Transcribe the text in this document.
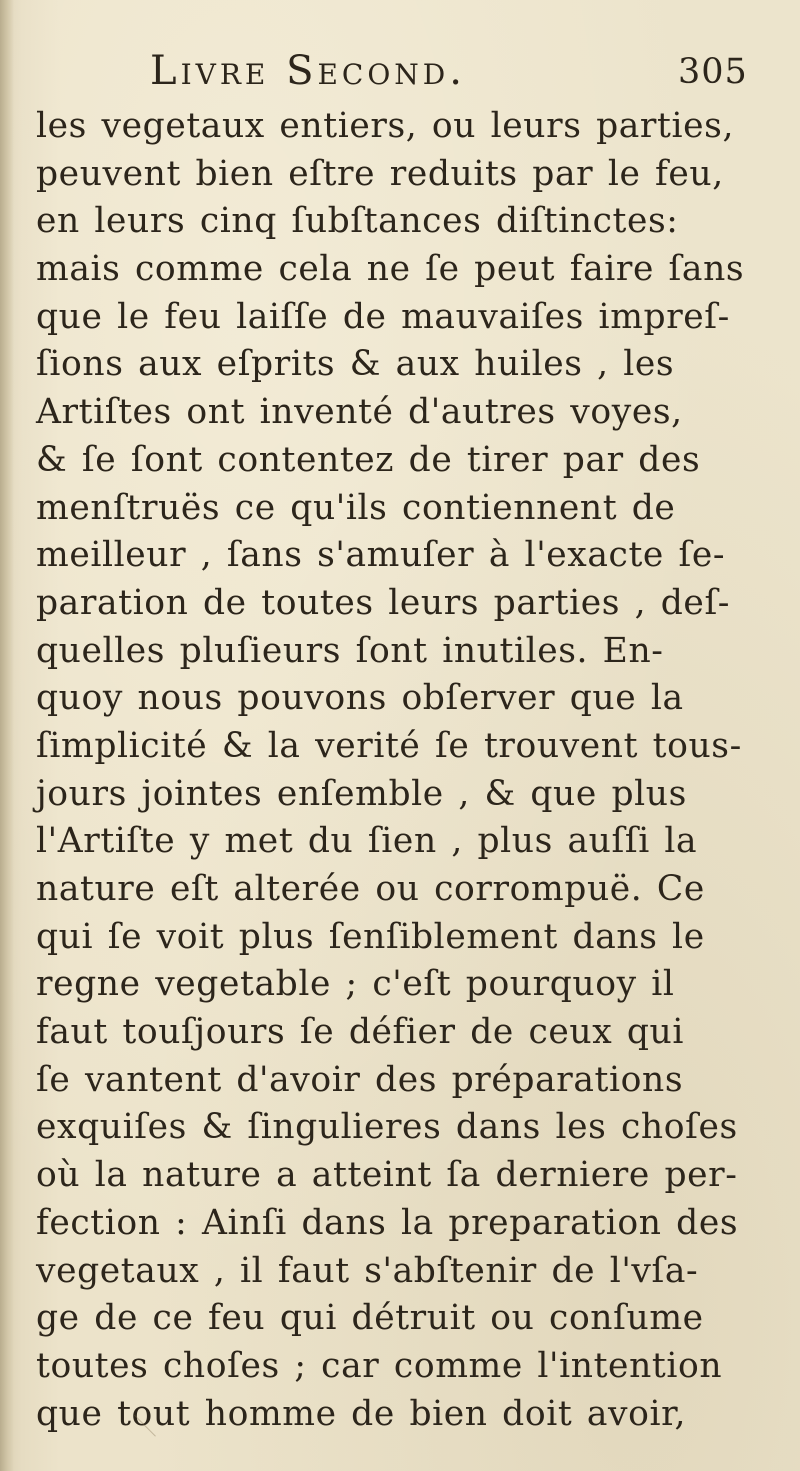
Livre Second.	305
les vegetaux entiers, ou leurs parties,
peuvent bien eſtre reduits par le feu,
en leurs cinq ſubſtances diſtinctes:
mais comme cela ne ſe peut faire ſans
que le feu laiſſe de mauvaiſes impreſ-
ſions aux eſprits & aux huiles , les
Artiſtes ont inventé d'autres voyes,
& ſe ſont contentez de tirer par des
menſtruës ce qu'ils contiennent de
meilleur , ſans s'amuſer à l'exacte ſe-
paration de toutes leurs parties , deſ-
quelles pluſieurs ſont inutiles. En-
quoy nous pouvons obſerver que la
ſimplicité & la verité ſe trouvent tous-
jours jointes enſemble , & que plus
l'Artiſte y met du ſien , plus auſſi la
nature eſt alterée ou corrompuë. Ce
qui ſe voit plus ſenſiblement dans le
regne vegetable ; c'eſt pourquoy il
faut touſjours ſe défier de ceux qui
ſe vantent d'avoir des préparations
exquiſes & ſingulieres dans les choſes
où la nature a atteint ſa derniere per-
fection : Ainſi dans la preparation des
vegetaux , il faut s'abſtenir de l'vſa-
ge de ce feu qui détruit ou conſume
toutes choſes ; car comme l'intention
que tout homme de bien doit avoir,
